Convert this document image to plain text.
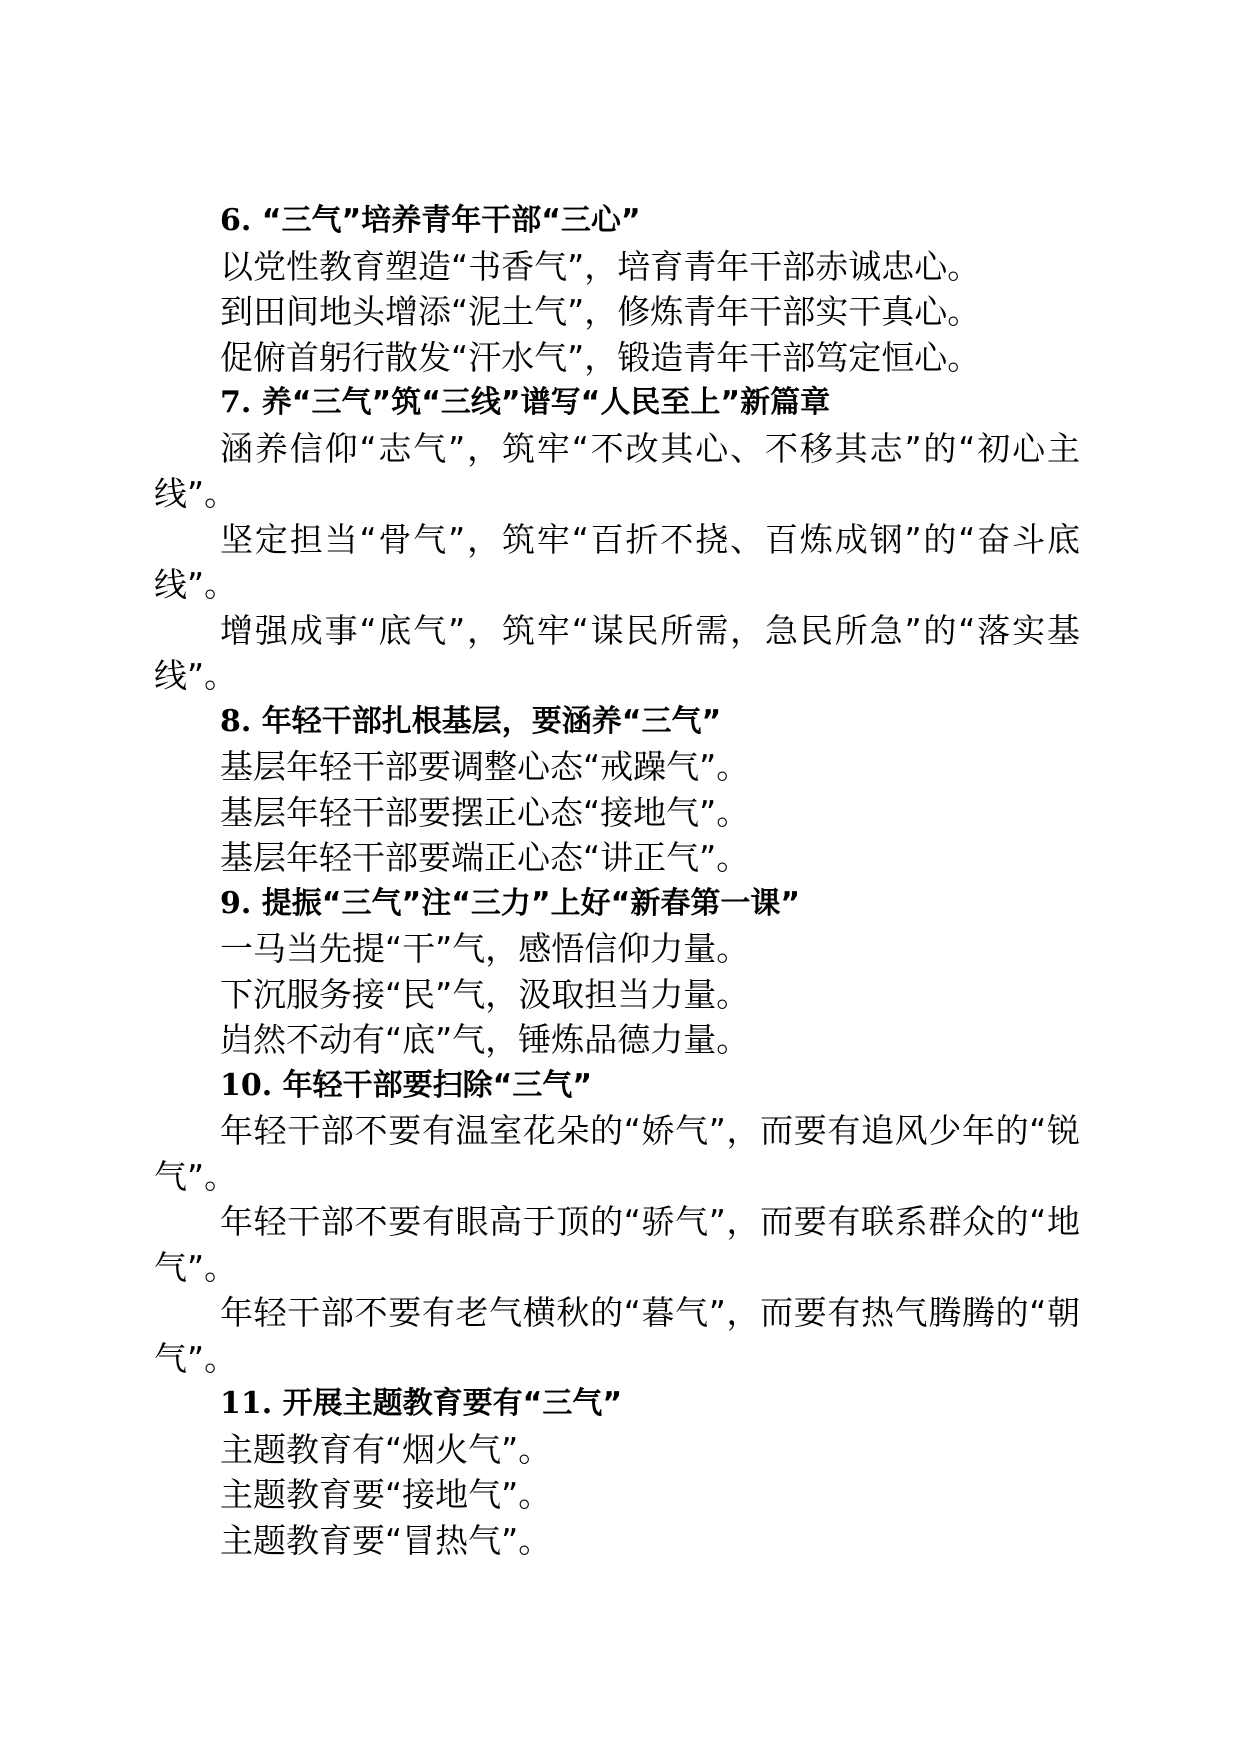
6. “三气”培养青年干部“三心”

以党性教育塑造“书香气”，培育青年干部赤诚忠心。

到田间地头增添“泥土气”，修炼青年干部实干真心。

促俯首躬行散发“汗水气”，锻造青年干部笃定恒心。

7. 养“三气”筑“三线”谱写“人民至上”新篇章

涵养信仰“志气”，筑牢“不改其心、不移其志”的“初心主线”。

坚定担当“骨气”，筑牢“百折不挠、百炼成钢”的“奋斗底线”。

增强成事“底气”，筑牢“谋民所需，急民所急”的“落实基线”。

8. 年轻干部扎根基层，要涵养“三气”

基层年轻干部要调整心态“戒躁气”。

基层年轻干部要摆正心态“接地气”。

基层年轻干部要端正心态“讲正气”。

9. 提振“三气”注“三力”上好“新春第一课”

一马当先提“干”气，感悟信仰力量。

下沉服务接“民”气，汲取担当力量。

岿然不动有“底”气，锤炼品德力量。

10. 年轻干部要扫除“三气”

年轻干部不要有温室花朵的“娇气”，而要有追风少年的“锐气”。

年轻干部不要有眼高于顶的“骄气”，而要有联系群众的“地气”。

年轻干部不要有老气横秋的“暮气”，而要有热气腾腾的“朝气”。

11. 开展主题教育要有“三气”

主题教育有“烟火气”。

主题教育要“接地气”。

主题教育要“冒热气”。
